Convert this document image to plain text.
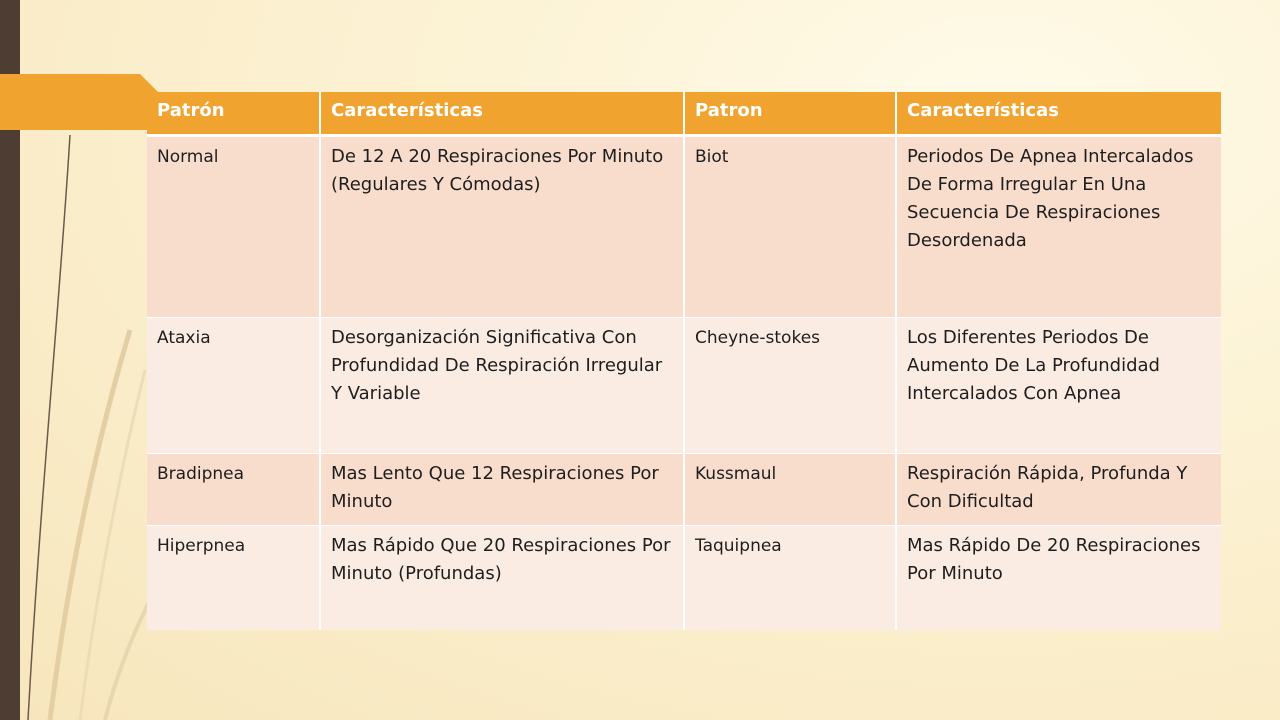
Patrón	Características	Patron	Características
Normal	De 12 A 20 Respiraciones Por Minuto (Regulares Y Cómodas)	Biot	Periodos De Apnea Intercalados De Forma Irregular En Una Secuencia De Respiraciones Desordenada
Ataxia	Desorganización Significativa Con Profundidad De Respiración Irregular Y Variable	Cheyne-stokes	Los Diferentes Periodos De Aumento De La Profundidad Intercalados Con Apnea
Bradipnea	Mas Lento Que 12 Respiraciones Por Minuto	Kussmaul	Respiración Rápida, Profunda Y Con Dificultad
Hiperpnea	Mas Rápido Que 20 Respiraciones Por Minuto (Profundas)	Taquipnea	Mas Rápido De 20 Respiraciones Por Minuto
